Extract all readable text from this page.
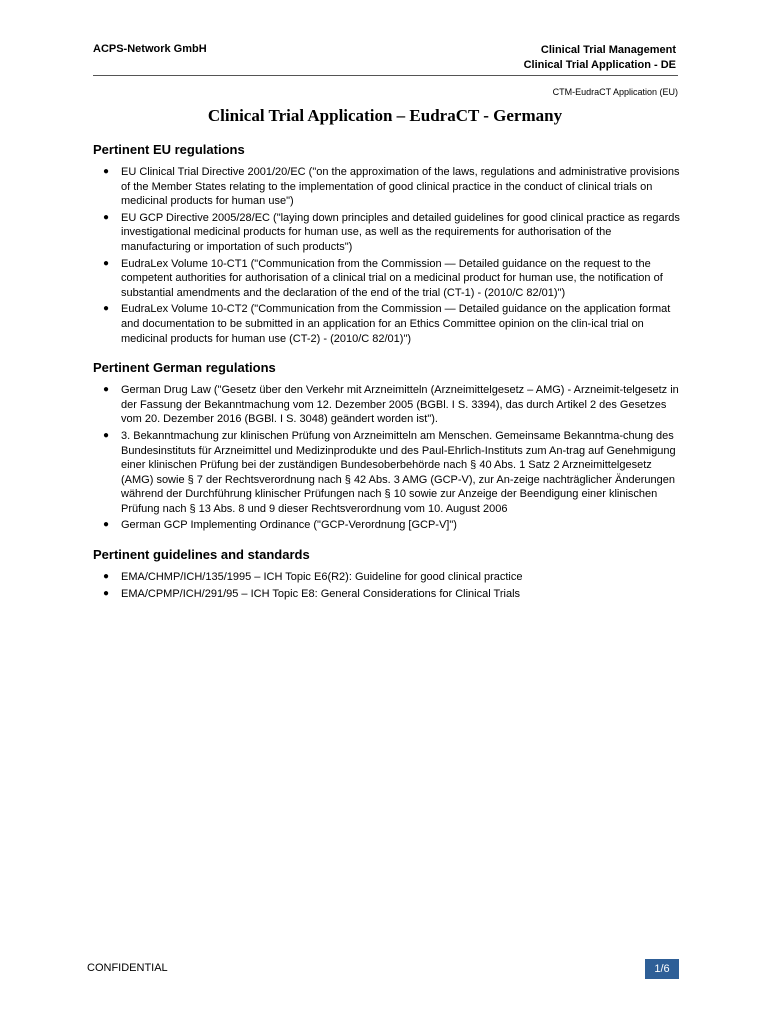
ACPS-Network GmbH	Clinical Trial Management
Clinical Trial Application - DE
CTM-EudraCT Application (EU)
Clinical Trial Application – EudraCT - Germany
Pertinent EU regulations
● EU Clinical Trial Directive 2001/20/EC ("on the approximation of the laws, regulations and administrative provisions of the Member States relating to the implementation of good clinical practice in the conduct of clinical trials on medicinal products for human use")
● EU GCP Directive 2005/28/EC ("laying down principles and detailed guidelines for good clinical practice as regards investigational medicinal products for human use, as well as the requirements for authorisation of the manufacturing or importation of such products")
● EudraLex Volume 10-CT1 ("Communication from the Commission — Detailed guidance on the request to the competent authorities for authorisation of a clinical trial on a medicinal product for human use, the notification of substantial amendments and the declaration of the end of the trial (CT-1) - (2010/C 82/01)")
● EudraLex Volume 10-CT2 ("Communication from the Commission — Detailed guidance on the application format and documentation to be submitted in an application for an Ethics Committee opinion on the clin-ical trial on medicinal products for human use (CT-2) - (2010/C 82/01)")
Pertinent German regulations
● German Drug Law ("Gesetz über den Verkehr mit Arzneimitteln (Arzneimittelgesetz – AMG) - Arzneimit-telgesetz in der Fassung der Bekanntmachung vom 12. Dezember 2005 (BGBl. I S. 3394), das durch Artikel 2 des Gesetzes vom 20. Dezember 2016 (BGBl. I S. 3048) geändert worden ist").
● 3. Bekanntmachung zur klinischen Prüfung von Arzneimitteln am Menschen. Gemeinsame Bekanntma-chung des Bundesinstituts für Arzneimittel und Medizinprodukte und des Paul-Ehrlich-Instituts zum An-trag auf Genehmigung einer klinischen Prüfung bei der zuständigen Bundesoberbehörde nach § 40 Abs. 1 Satz 2 Arzneimittelgesetz (AMG) sowie § 7 der Rechtsverordnung nach § 42 Abs. 3 AMG (GCP-V), zur An-zeige nachträglicher Änderungen während der Durchführung klinischer Prüfungen nach § 10 sowie zur Anzeige der Beendigung einer klinischen Prüfung nach § 13 Abs. 8 und 9 dieser Rechtsverordnung vom 10. August 2006
● German GCP Implementing Ordinance ("GCP-Verordnung [GCP-V]")
Pertinent guidelines and standards
● EMA/CHMP/ICH/135/1995 – ICH Topic E6(R2): Guideline for good clinical practice
● EMA/CPMP/ICH/291/95 – ICH Topic E8: General Considerations for Clinical Trials
CONFIDENTIAL	1/6
